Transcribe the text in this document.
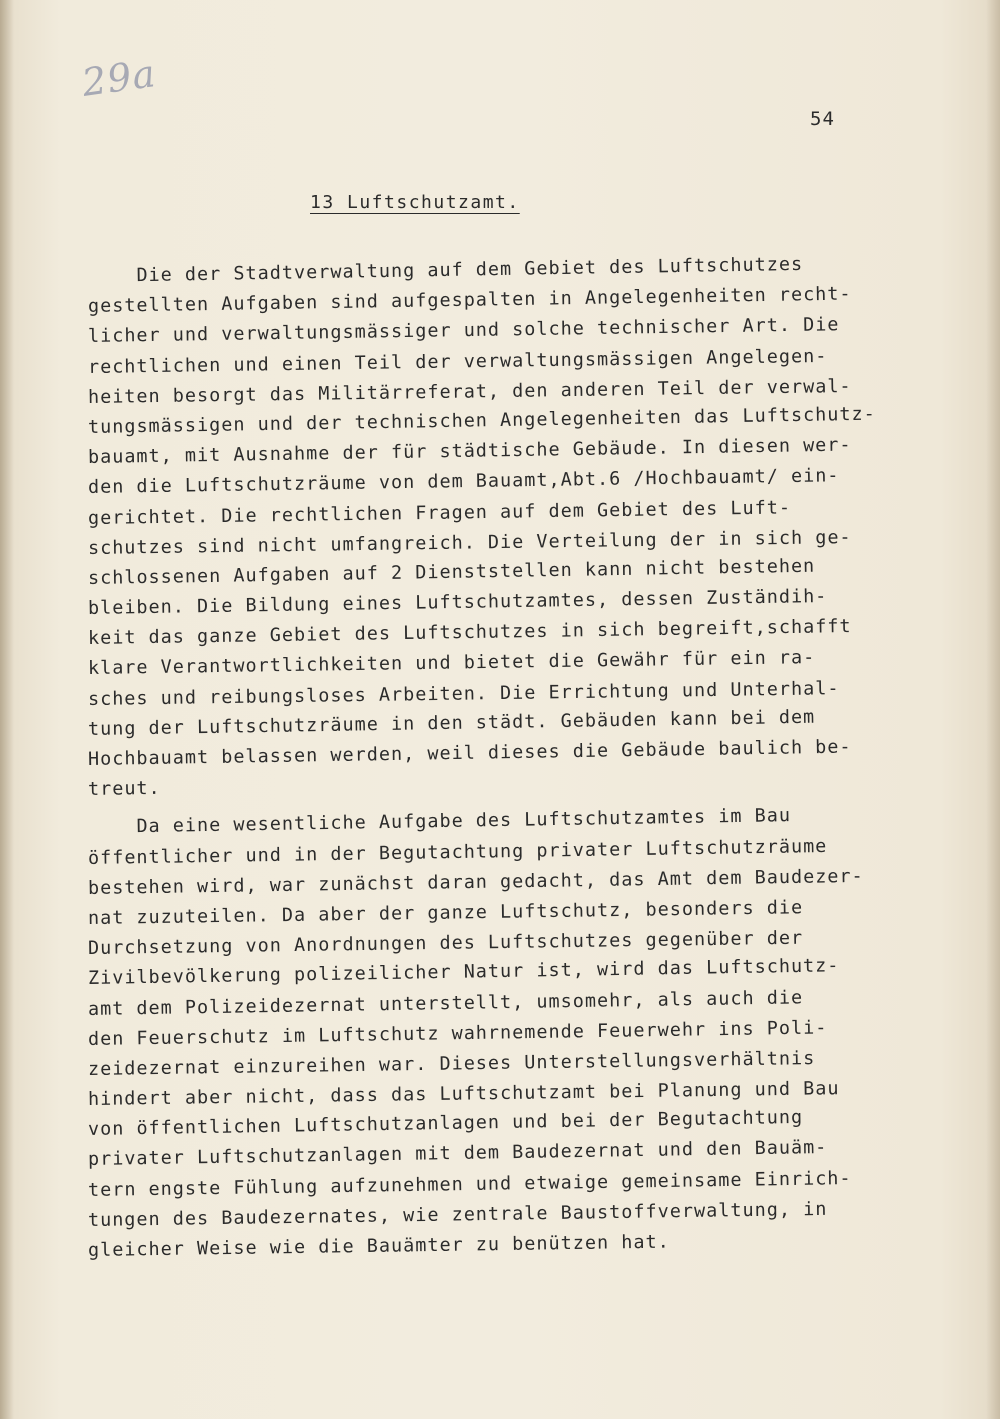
29a
54
13 Luftschutzamt.
Die der Stadtverwaltung auf dem Gebiet des Luftschutzes
gestellten Aufgaben sind aufgespalten in Angelegenheiten recht-
licher und verwaltungsmässiger und solche technischer Art. Die
rechtlichen und einen Teil der verwaltungsmässigen Angelegen-
heiten besorgt das Militärreferat, den anderen Teil der verwal-
tungsmässigen und der technischen Angelegenheiten das Luftschutz-
bauamt, mit Ausnahme der für städtische Gebäude. In diesen wer-
den die Luftschutzräume von dem Bauamt,Abt.6 /Hochbauamt/ ein-
gerichtet. Die rechtlichen Fragen auf dem Gebiet des Luft-
schutzes sind nicht umfangreich. Die Verteilung der in sich ge-
schlossenen Aufgaben auf 2 Dienststellen kann nicht bestehen
bleiben. Die Bildung eines Luftschutzamtes, dessen Zuständih-
keit das ganze Gebiet des Luftschutzes in sich begreift,schafft
klare Verantwortlichkeiten und bietet die Gewähr für ein ra-
sches und reibungsloses Arbeiten. Die Errichtung und Unterhal-
tung der Luftschutzräume in den städt. Gebäuden kann bei dem
Hochbauamt belassen werden, weil dieses die Gebäude baulich be-
treut.
Da eine wesentliche Aufgabe des Luftschutzamtes im Bau
öffentlicher und in der Begutachtung privater Luftschutzräume
bestehen wird, war zunächst daran gedacht, das Amt dem Baudezer-
nat zuzuteilen. Da aber der ganze Luftschutz, besonders die
Durchsetzung von Anordnungen des Luftschutzes gegenüber der
Zivilbevölkerung polizeilicher Natur ist, wird das Luftschutz-
amt dem Polizeidezernat unterstellt, umsomehr, als auch die
den Feuerschutz im Luftschutz wahrnemende Feuerwehr ins Poli-
zeidezernat einzureihen war. Dieses Unterstellungsverhältnis
hindert aber nicht, dass das Luftschutzamt bei Planung und Bau
von öffentlichen Luftschutzanlagen und bei der Begutachtung
privater Luftschutzanlagen mit dem Baudezernat und den Bauäm-
tern engste Fühlung aufzunehmen und etwaige gemeinsame Einrich-
tungen des Baudezernates, wie zentrale Baustoffverwaltung, in
gleicher Weise wie die Bauämter zu benützen hat.
